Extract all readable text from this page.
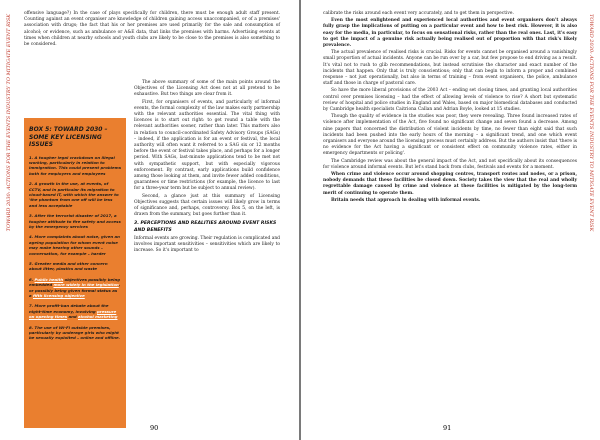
TOWARD 2030: ACTIONS FOR THE EVENTS INDUSTRY TO MITIGATE EVENT RISK

offensive language?) In the case of plays specifically for children, there must be enough adult staff present. Counting against an event organiser are knowledge of children gaining access unaccompanied, or of a premises' association with drugs; the fact that his or her premises are used primarily for the sale and consumption of alcohol; or evidence, such as ambulance or A&E data, that links the premises with harms. Advertising events at times when children at nearby schools and youth clubs are likely to be close to the premises is also something to be considered.

BOX 5: TOWARD 2030 – SOME KEY LICENSING ISSUES

1. A tougher legal crackdown on illegal working, particularly in relation to immigration. This could present problems both for employers and employees

2. A growth in the use, at events, of CCTV, and in particular its migration to cloud-based IT, with which the answer to 'the phantom from one off will be less and less acceptable

3. After the terrorist disaster of 2017, a tougher attitude to fire safety and access by the emergency services

4. More complaints about noise, given an ageing population for whom event noise may make hearing other sounds – conversation, for example – harder

5. Greater media and other concern about litter, plastics and waste

6. Public health objectives possibly being embedded more widely in the legislation, or possibly being given formal status as a fifth licensing objective

7. More profit-ban debate about the night-time economy, involving pressure on opening times and alcohol marketing

8. The use of Wi-Fi outside premises, particularly by underage girls who might be sexually exploited – online and offline.

The above summary of some of the main points around the Objectives of the Licensing Act does not at all pretend to be exhaustive. But two things are clear from it.

First, for organisers of events, and particularly of informal events, the formal complexity of the law makes early partnership with the relevant authorities essential. The vital thing with licences is to start out right: to get round a table with the relevant authorities sooner, rather than later. This matters also in relation to council-coordinated Safety Advisory Groups (SAGs) – indeed, if the application is for an event or festival, the local authority will often want it referred to a SAG six or 12 months before the event or festival takes place, and perhaps for a longer period. With SAGs, last-minute applications tend to be met not with sympathetic support, but with especially vigorous enforcement. By contrast, early applications build confidence among those looking at them, and invite fewer added conditions, guarantees or time restrictions (for example, the licence to last for a three-year term but be subject to annual review).

Second, a glance just at this summary of Licensing Objectives suggests that certain issues will likely grow in terms of significance and, perhaps, controversy. Box 5, on the left, is drawn from the summary, but goes further than it.

3. PERCEPTIONS AND REALITIES AROUND EVENT RISKS AND BENEFITS

Informal events are growing. Their regulation is complicated and involves important sensitivities – sensitivities which are likely to increase. So it's important to

90
TOWARD 2030: ACTIONS FOR THE EVENTS INDUSTRY TO MITIGATE EVENT RISK

calibrate the risks around each event very accurately, and to get them in perspective.

Even the most enlightened and experienced local authorities and event organisers don't always fully grasp the implications of putting on a particular event and how to best risk. However, it is also easy for the media, in particular, to focus on sensational risks, rather than the real ones. Last, it's easy to get the impact of a genuine risk actually being realised out of proportion with that risk's likely prevalence.

The actual prevalence of realised risks is crucial. Risks for events cannot be organised around a vanishingly small proportion of actual incidents. Anyone can be run over by a car, but few propose to end driving as a result. It's vital not to rush to glib recommendations, but instead scrutinise the character and exact number of the incidents that happen. Only that is truly conscientious; only that can begin to inform a proper and combined response – not just operationally, but also in terms of training – from event organisers, the police, ambulance staff and those in charge of pastoral care.

So have the more liberal provisions of the 2003 Act – ending set closing times, and granting local authorities control over premises licensing – had the effect of allowing levels of violence to rise? A short but systematic review of hospital and police studies in England and Wales, based on major biomedical databases and conducted by Cambridge health specialists Caitriona Callan and Adrian Boyle, looked at 15 studies.

Though the quality of evidence in the studies was poor, they were revealing. Three found increased rates of violence after implementation of the Act, five found no significant change and seven found a decrease. Among nine papers that concerned the distribution of violent incidents by time, no fewer than eight said that such incidents had been pushed into the early hours of the morning – a significant trend, and one which event organisers and everyone around the licensing process must certainly address. But the authors insist that 'there is no evidence for the Act having a significant or consistent effect on community violence rates, either in emergency departments or policing'.

The Cambridge review was about the general impact of the Act, and not specifically about its consequences for violence around informal events. But let's stand back from clubs, festivals and events for a moment.

When crime and violence occur around shopping centres, transport routes and nodes, or a prison, nobody demands that these facilities be closed down. Society takes the view that the real and wholly regrettable damage caused by crime and violence at these facilities is mitigated by the long-term merit of continuing to operate them.

Britain needs that approach in dealing with informal events.

91
